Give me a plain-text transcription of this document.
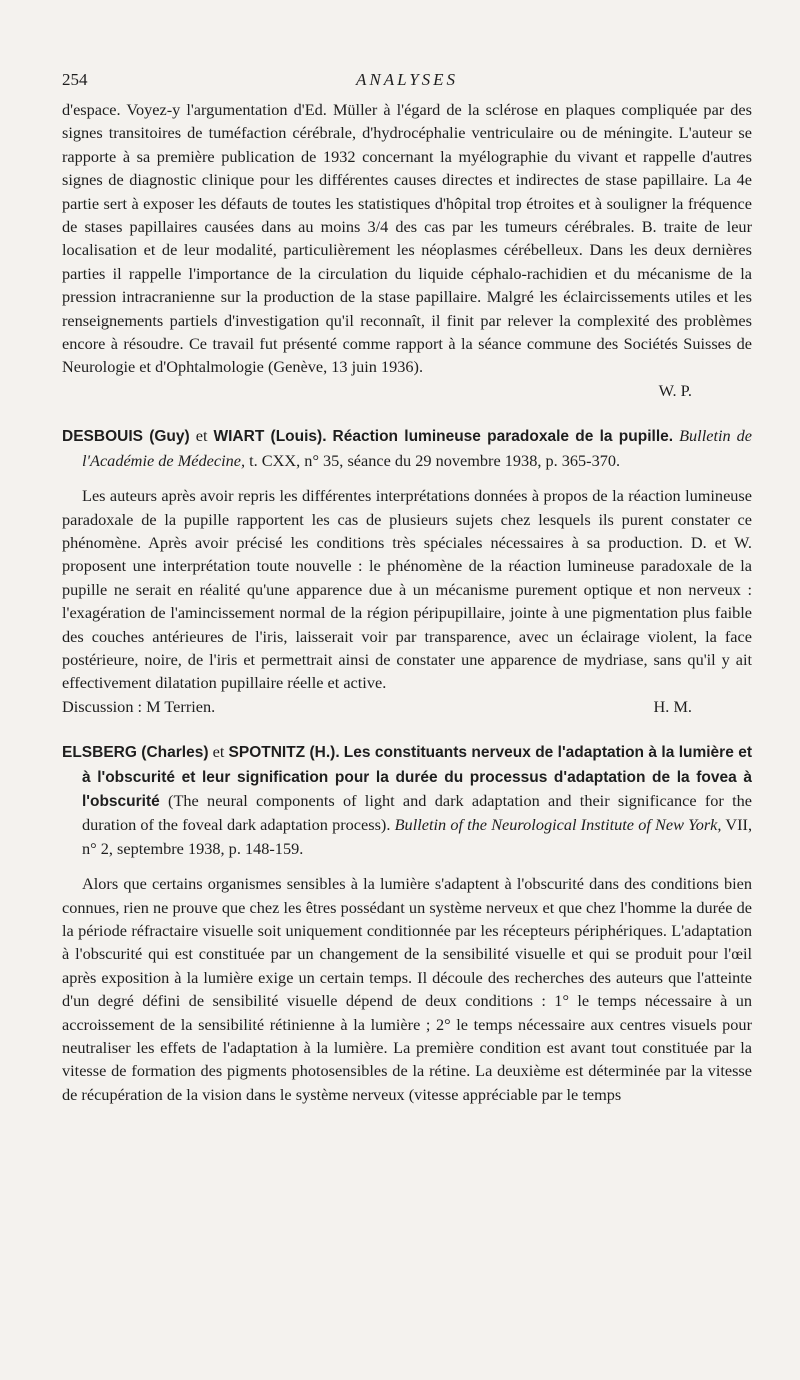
254	ANALYSES

d'espace. Voyez-y l'argumentation d'Ed. Müller à l'égard de la sclérose en plaques compliquée par des signes transitoires de tuméfaction cérébrale, d'hydrocéphalie ventriculaire ou de méningite. L'auteur se rapporte à sa première publication de 1932 concernant la myélographie du vivant et rappelle d'autres signes de diagnostic clinique pour les différentes causes directes et indirectes de stase papillaire. La 4e partie sert à exposer les défauts de toutes les statistiques d'hôpital trop étroites et à souligner la fréquence de stases papillaires causées dans au moins 3/4 des cas par les tumeurs cérébrales. B. traite de leur localisation et de leur modalité, particulièrement les néoplasmes cérébelleux. Dans les deux dernières parties il rappelle l'importance de la circulation du liquide céphalo-rachidien et du mécanisme de la pression intracranienne sur la production de la stase papillaire. Malgré les éclaircissements utiles et les renseignements partiels d'investigation qu'il reconnaît, il finit par relever la complexité des problèmes encore à résoudre. Ce travail fut présenté comme rapport à la séance commune des Sociétés Suisses de Neurologie et d'Ophtalmologie (Genève, 13 juin 1936).

W. P.
DESBOUIS (Guy) et WIART (Louis). Réaction lumineuse paradoxale de la pupille. Bulletin de l'Académie de Médecine, t. CXX, n° 35, séance du 29 novembre 1938, p. 365-370.

Les auteurs après avoir repris les différentes interprétations données à propos de la réaction lumineuse paradoxale de la pupille rapportent les cas de plusieurs sujets chez lesquels ils purent constater ce phénomène. Après avoir précisé les conditions très spéciales nécessaires à sa production. D. et W. proposent une interprétation toute nouvelle : le phénomène de la réaction lumineuse paradoxale de la pupille ne serait en réalité qu'une apparence due à un mécanisme purement optique et non nerveux : l'exagération de l'amincissement normal de la région péripupillaire, jointe à une pigmentation plus faible des couches antérieures de l'iris, laisserait voir par transparence, avec un éclairage violent, la face postérieure, noire, de l'iris et permettrait ainsi de constater une apparence de mydriase, sans qu'il y ait effectivement dilatation pupillaire réelle et active.

Discussion : M Terrien.	H. M.
ELSBERG (Charles) et SPOTNITZ (H.). Les constituants nerveux de l'adaptation à la lumière et à l'obscurité et leur signification pour la durée du processus d'adaptation de la fovea à l'obscurité (The neural components of light and dark adaptation and their significance for the duration of the foveal dark adaptation process). Bulletin of the Neurological Institute of New York, VII, n° 2, septembre 1938, p. 148-159.

Alors que certains organismes sensibles à la lumière s'adaptent à l'obscurité dans des conditions bien connues, rien ne prouve que chez les êtres possédant un système nerveux et que chez l'homme la durée de la période réfractaire visuelle soit uniquement conditionnée par les récepteurs périphériques. L'adaptation à l'obscurité qui est constituée par un changement de la sensibilité visuelle et qui se produit pour l'œil après exposition à la lumière exige un certain temps. Il découle des recherches des auteurs que l'atteinte d'un degré défini de sensibilité visuelle dépend de deux conditions : 1° le temps nécessaire à un accroissement de la sensibilité rétinienne à la lumière ; 2° le temps nécessaire aux centres visuels pour neutraliser les effets de l'adaptation à la lumière. La première condition est avant tout constituée par la vitesse de formation des pigments photosensibles de la rétine. La deuxième est déterminée par la vitesse de récupération de la vision dans le système nerveux (vitesse appréciable par le temps
